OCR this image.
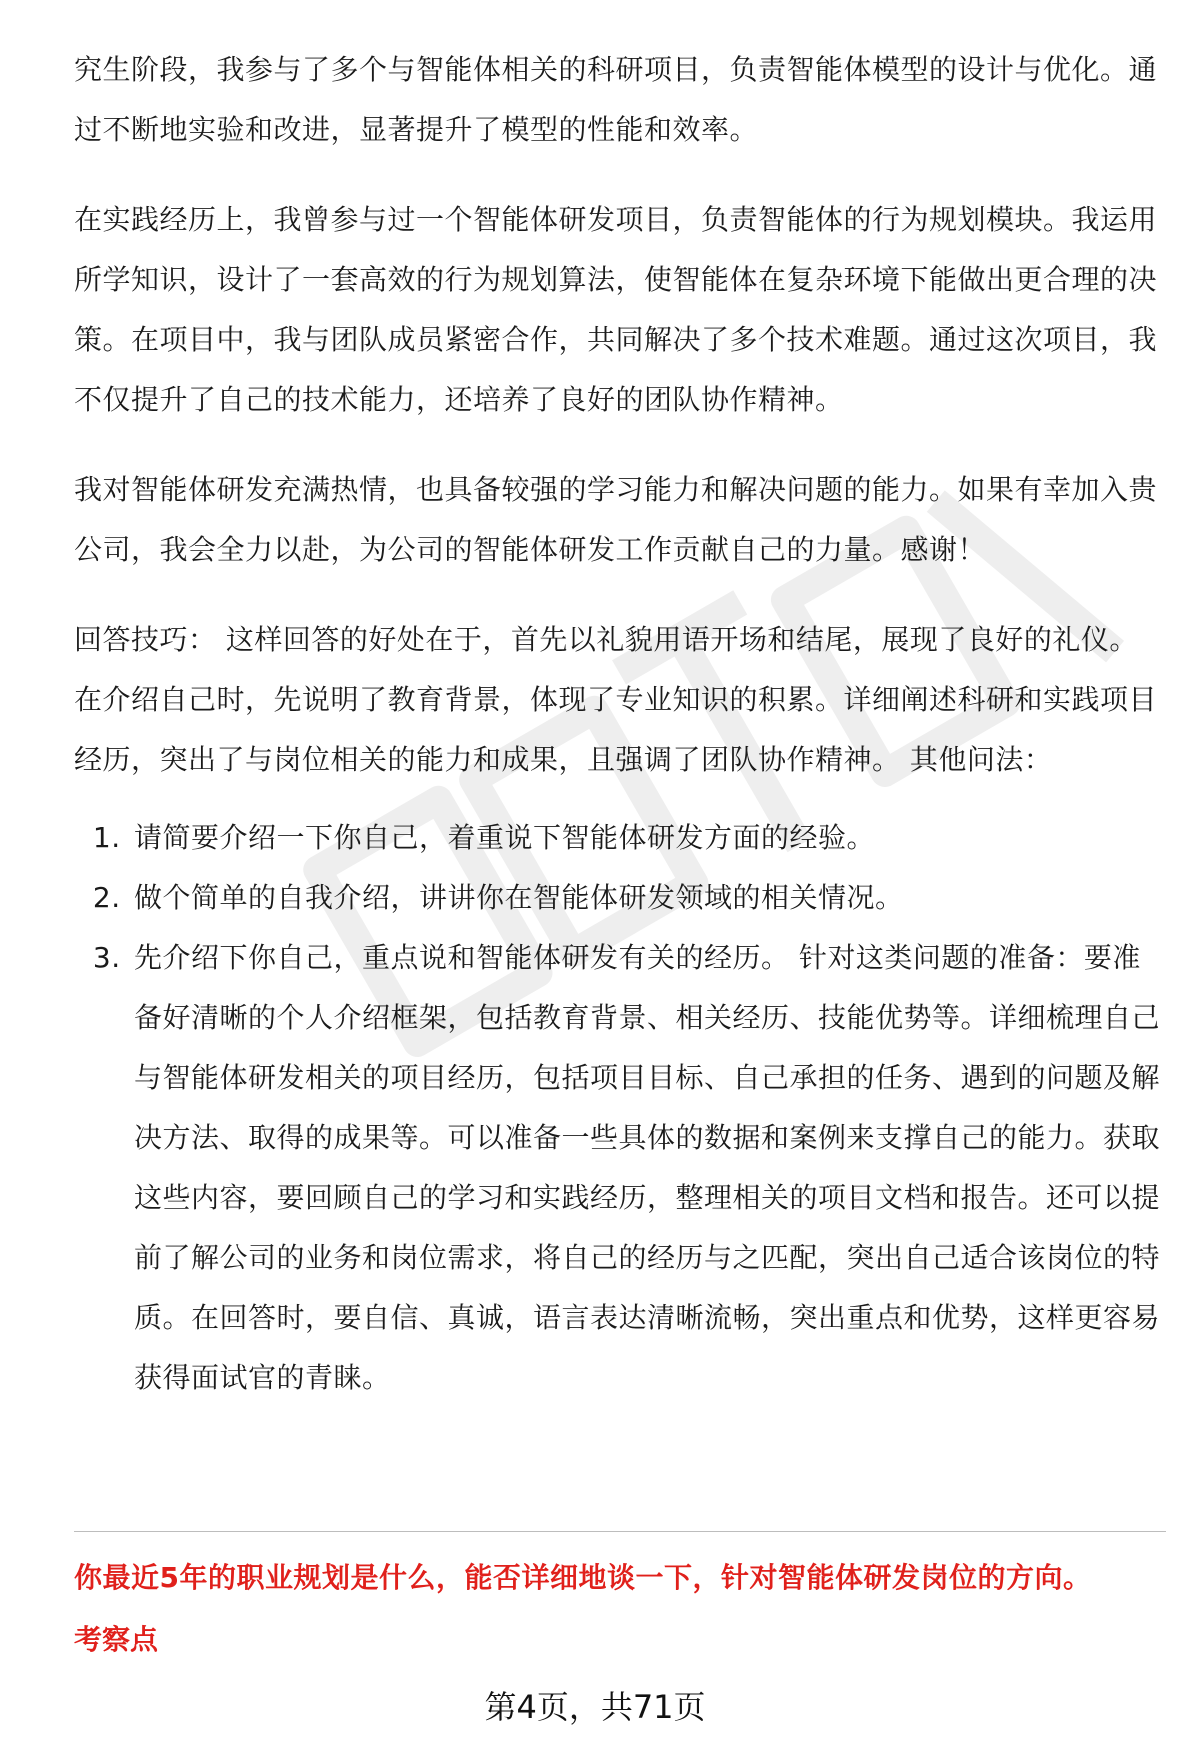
究生阶段，我参与了多个与智能体相关的科研项目，负责智能体模型的设计与优化。通过不断地实验和改进，显著提升了模型的性能和效率。

在实践经历上，我曾参与过一个智能体研发项目，负责智能体的行为规划模块。我运用所学知识，设计了一套高效的行为规划算法，使智能体在复杂环境下能做出更合理的决策。在项目中，我与团队成员紧密合作，共同解决了多个技术难题。通过这次项目，我不仅提升了自己的技术能力，还培养了良好的团队协作精神。

我对智能体研发充满热情，也具备较强的学习能力和解决问题的能力。如果有幸加入贵公司，我会全力以赴，为公司的智能体研发工作贡献自己的力量。感谢！

回答技巧： 这样回答的好处在于，首先以礼貌用语开场和结尾，展现了良好的礼仪。在介绍自己时，先说明了教育背景，体现了专业知识的积累。详细阐述科研和实践项目经历，突出了与岗位相关的能力和成果，且强调了团队协作精神。 其他问法：

1. 请简要介绍一下你自己，着重说下智能体研发方面的经验。
2. 做个简单的自我介绍，讲讲你在智能体研发领域的相关情况。
3. 先介绍下你自己，重点说和智能体研发有关的经历。 针对这类问题的准备：要准备好清晰的个人介绍框架，包括教育背景、相关经历、技能优势等。详细梳理自己与智能体研发相关的项目经历，包括项目目标、自己承担的任务、遇到的问题及解决方法、取得的成果等。可以准备一些具体的数据和案例来支撑自己的能力。获取这些内容，要回顾自己的学习和实践经历，整理相关的项目文档和报告。还可以提前了解公司的业务和岗位需求，将自己的经历与之匹配，突出自己适合该岗位的特质。在回答时，要自信、真诚，语言表达清晰流畅，突出重点和优势，这样更容易获得面试官的青睐。
你最近5年的职业规划是什么，能否详细地谈一下，针对智能体研发岗位的方向。
考察点
第4页，共71页
